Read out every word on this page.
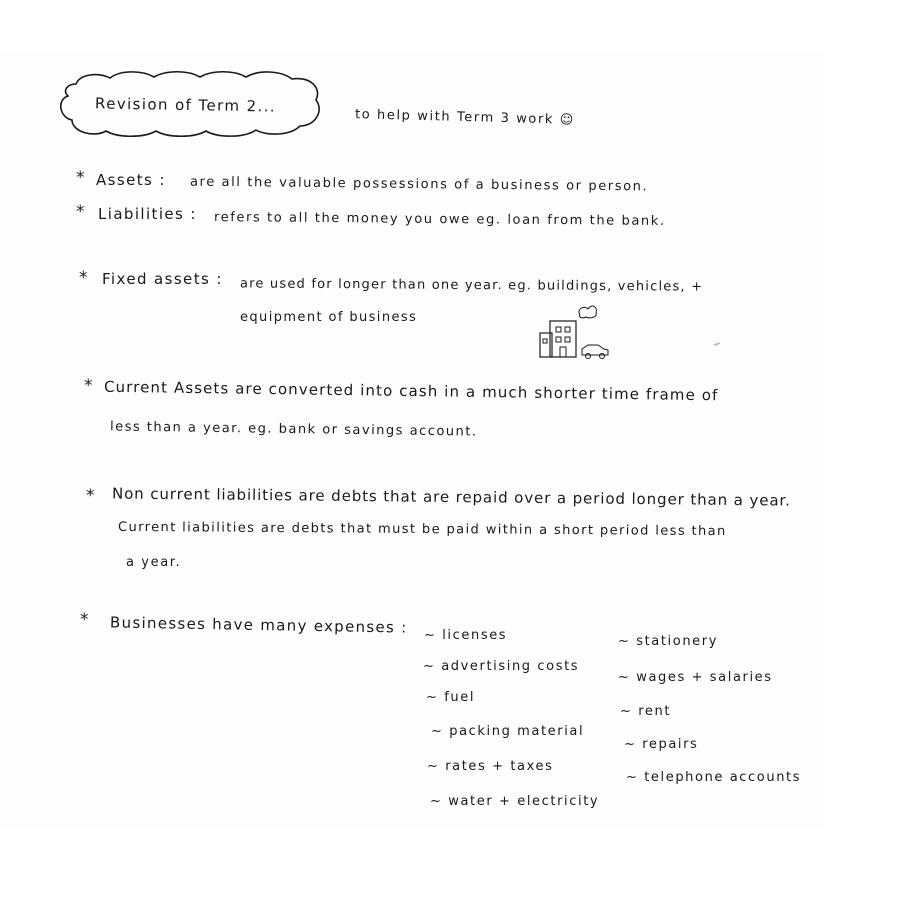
Revision of Term 2...
to help with Term 3 work ☺
* Assets : are all the valuable possessions of a business or person.
* Liabilities : refers to all the money you owe eg. loan from the bank.
* Fixed assets : are used for longer than one year. eg. buildings, vehicles, +
equipment of business
* Current Assets are converted into cash in a much shorter time frame of
less than a year. eg. bank or savings account.
* Non current liabilities are debts that are repaid over a period longer than a year.
Current liabilities are debts that must be paid within a short period less than
a year.
* Businesses have many expenses : ~ licenses
~ advertising costs
~ fuel
~ packing material
~ rates + taxes
~ water + electricity
~ stationery
~ wages + salaries
~ rent
~ repairs
~ telephone accounts
